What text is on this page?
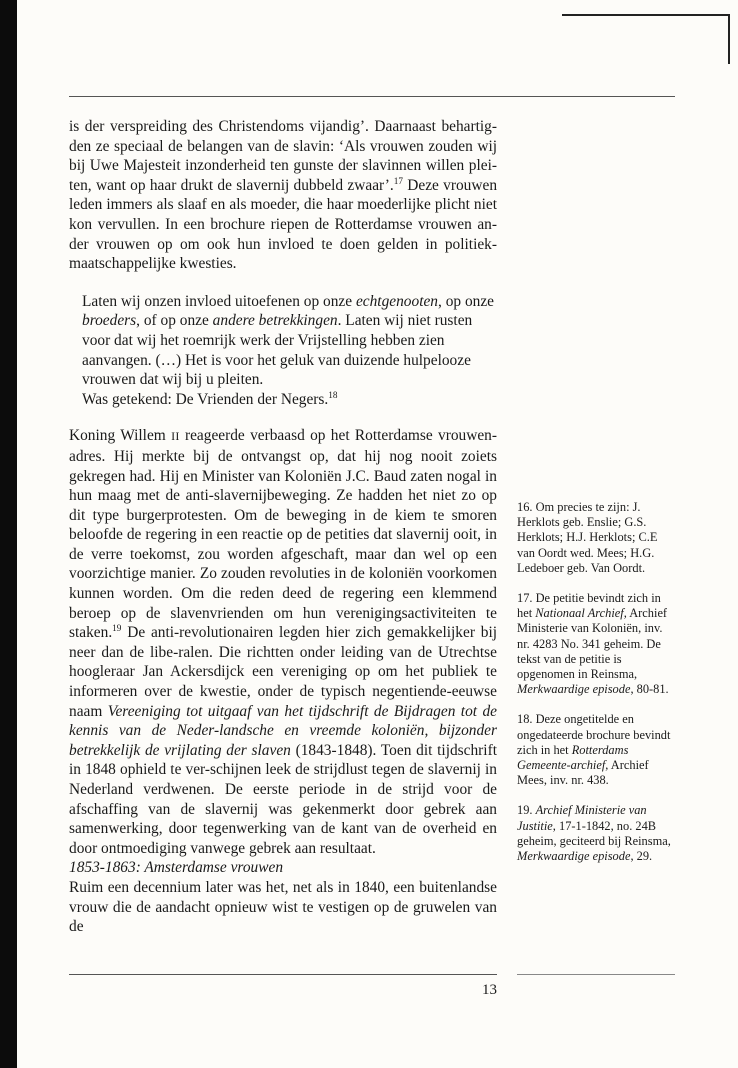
is der verspreiding des Christendoms vijandig’. Daarnaast behartig- den ze speciaal de belangen van de slavin: ‘Als vrouwen zouden wij bij Uwe Majesteit inzonderheid ten gunste der slavinnen willen plei- ten, want op haar drukt de slavernij dubbeld zwaar’.$^{17}$ Deze vrouwen leden immers als slaaf en als moeder, die haar moederlijke plicht niet kon vervullen. In een brochure riepen de Rotterdamse vrouwen an-der vrouwen op om ook hun invloed te doen gelden in politiek-maatschappelijke kwesties.

Laten wij onzen invloed uitoefenen op onze echtgenooten, op onze broeders, of op onze andere betrekkingen. Laten wij niet rusten voor dat wij het roemrijk werk der Vrijstelling hebben zien aanvangen. (…) Het is voor het geluk van duizende hulpelooze vrouwen dat wij bij u pleiten.

Was getekend: De Vrienden der Negers.$^{18}$

Koning Willem II reageerde verbaasd op het Rotterdamse vrouwen-adres. Hij merkte bij de ontvangst op, dat hij nog nooit zoiets gekregen had. Hij en Minister van Koloniën J.C. Baud zaten nogal in hun maag met de anti-slavernijbeweging. Ze hadden het niet zo op dit type burgerprotesten. Om de beweging in de kiem te smoren beloofde de regering in een reactie op de petities dat slavernij ooit, in de verre toekomst, zou worden afgeschaft, maar dan wel op een voorzichtige manier. Zo zouden revoluties in de koloniën voorkomen kunnen worden. Om die reden deed de regering een klemmend beroep op de slavenvrienden om hun verenigingsactiviteiten te staken.$^{19}$ De anti-revolutionairen legden hier zich gemakkelijker bij neer dan de libe-ralen. Die richtten onder leiding van de Utrechtse hoogleraar Jan Ackersdijck een vereniging op om het publiek te informeren over de kwestie, onder de typisch negentiende-eeuwse naam Vereeniging tot uitgaaf van het tijdschrift de Bijdragen tot de kennis van de Neder-landsche en vreemde koloniën, bijzonder betrekkelijk de vrijlating der slaven (1843-1848). Toen dit tijdschrift in 1848 ophield te ver-schijnen leek de strijdlust tegen de slavernij in Nederland verdwenen. De eerste periode in de strijd voor de afschaffing van de slavernij was gekenmerkt door gebrek aan samenwerking, door tegenwerking van de kant van de overheid en door ontmoediging vanwege gebrek aan resultaat.

1853-1863: Amsterdamse vrouwen

Ruim een decennium later was het, net als in 1840, een buitenlandse vrouw die de aandacht opnieuw wist te vestigen op de gruwelen van de

16. Om precies te zijn: J. Herklots geb. Enslie; G.S. Herklots; H.J. Herklots; C.E van Oordt wed. Mees; H.G. Ledeboer geb. Van Oordt.

17. De petitie bevindt zich in het Nationaal Archief, Archief Ministerie van Koloniën, inv. nr. 4283 No. 341 geheim. De tekst van de petitie is opgenomen in Reinsma, Merkwaardige episode, 80-81.

18. Deze ongetitelde en ongedateerde brochure bevindt zich in het Rotterdams Gemeente-archief, Archief Mees, inv. nr. 438.

19. Archief Ministerie van Justitie, 17-1-1842, no. 24B geheim, geciteerd bij Reinsma, Merkwaardige episode, 29.

13
